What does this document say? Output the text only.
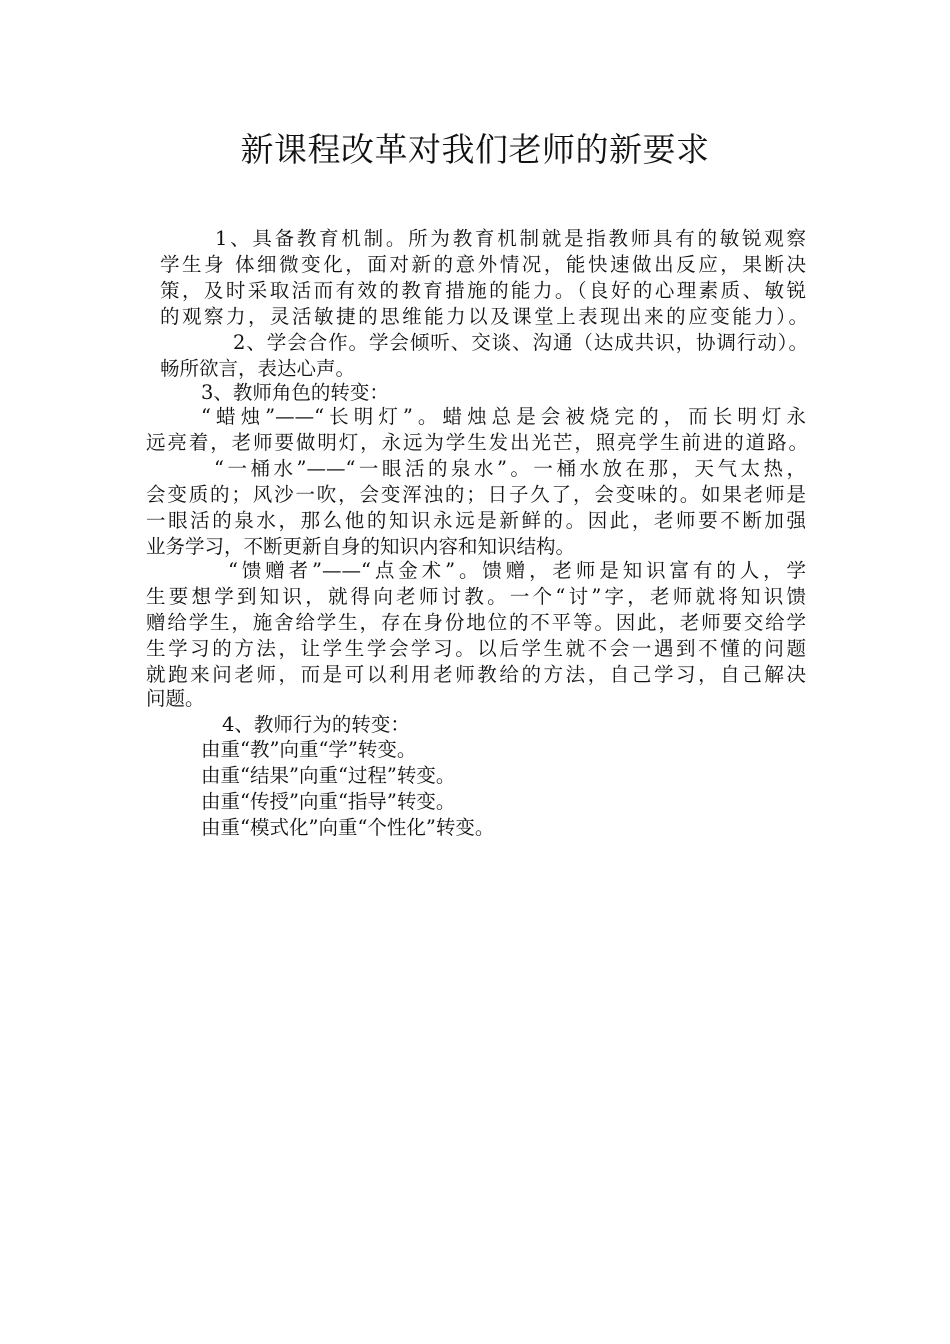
新课程改革对我们老师的新要求
1、具备教育机制。所为教育机制就是指教师具有的敏锐观察
学生身 体细微变化，面对新的意外情况，能快速做出反应，果断决
策，及时采取活而有效的教育措施的能力。（良好的心理素质、敏锐
的观察力，灵活敏捷的思维能力以及课堂上表现出来的应变能力）。
2、学会合作。学会倾听、交谈、沟通（达成共识，协调行动）。
畅所欲言，表达心声。
3、教师角色的转变：
“蜡烛”——“长明灯”。蜡烛总是会被烧完的，而长明灯永
远亮着，老师要做明灯，永远为学生发出光芒，照亮学生前进的道路。
“一桶水”——“一眼活的泉水”。一桶水放在那，天气太热，
会变质的；风沙一吹，会变浑浊的；日子久了，会变味的。如果老师是
一眼活的泉水，那么他的知识永远是新鲜的。因此，老师要不断加强
业务学习，不断更新自身的知识内容和知识结构。
“馈赠者”——“点金术”。馈赠，老师是知识富有的人，学
生要想学到知识，就得向老师讨教。一个“讨”字，老师就将知识馈
赠给学生，施舍给学生，存在身份地位的不平等。因此，老师要交给学
生学习的方法，让学生学会学习。以后学生就不会一遇到不懂的问题
就跑来问老师，而是可以利用老师教给的方法，自己学习，自己解决
问题。
4、教师行为的转变：
由重“教”向重“学”转变。
由重“结果”向重“过程”转变。
由重“传授”向重“指导”转变。
由重“模式化”向重“个性化”转变。
